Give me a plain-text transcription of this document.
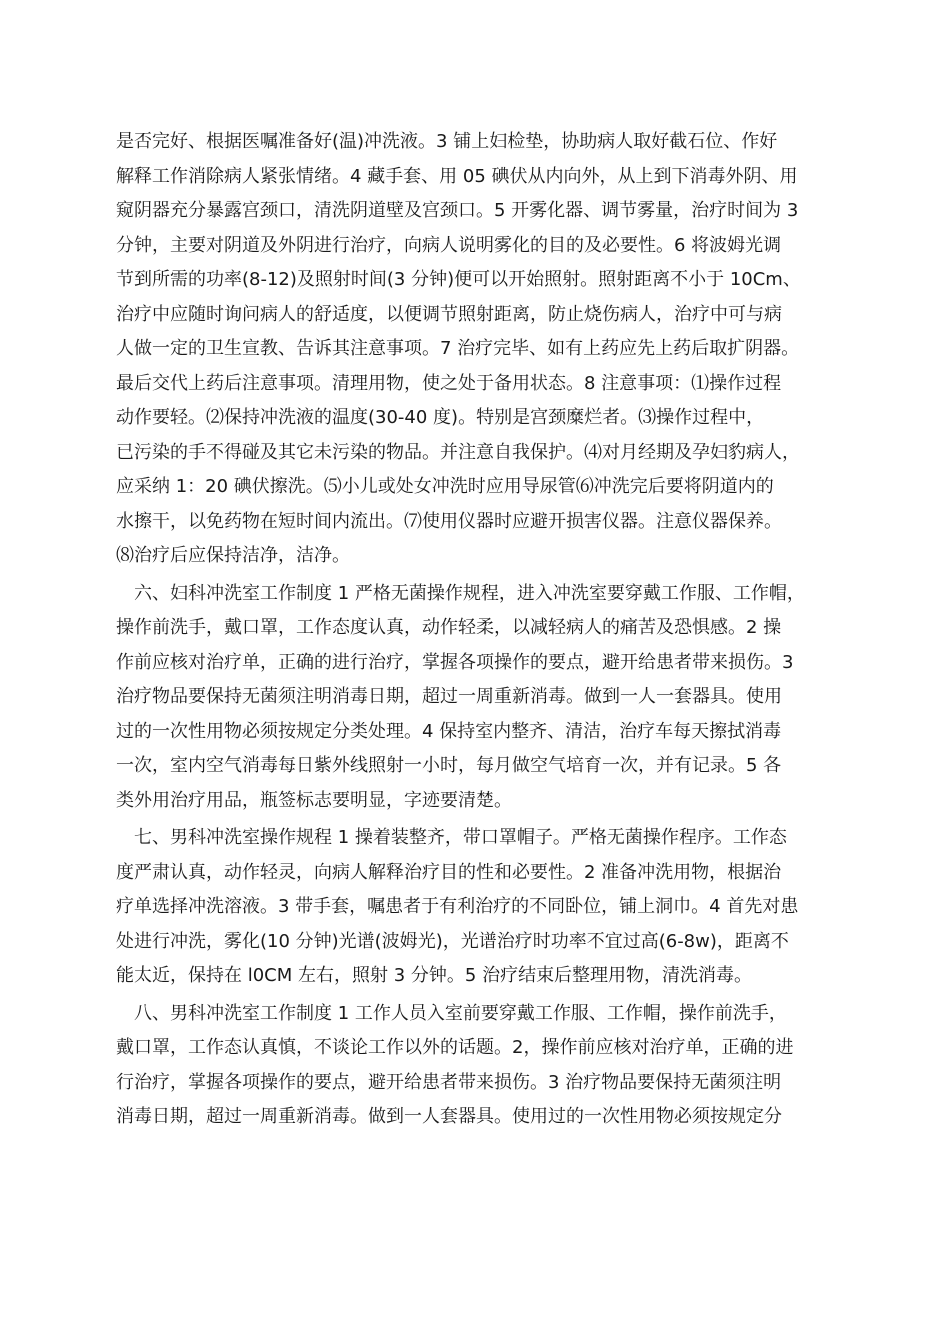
是否完好、根据医嘱准备好(温)冲洗液。3 铺上妇检垫，协助病人取好截石位、作好
解释工作消除病人紧张情绪。4 藏手套、用 05 碘伏从内向外，从上到下消毒外阴、用
窥阴器充分暴露宫颈口，清洗阴道壁及宫颈口。5 开雾化器、调节雾量，治疗时间为 3
分钟，主要对阴道及外阴进行治疗，向病人说明雾化的目的及必要性。6 将波姆光调
节到所需的功率(8-12)及照射时间(3 分钟)便可以开始照射。照射距离不小于 10Cm、
治疗中应随时询问病人的舒适度，以便调节照射距离，防止烧伤病人，治疗中可与病
人做一定的卫生宣教、告诉其注意事项。7 治疗完毕、如有上药应先上药后取扩阴器。
最后交代上药后注意事项。清理用物，使之处于备用状态。8 注意事项：⑴操作过程
动作要轻。⑵保持冲洗液的温度(30-40 度)。特别是宫颈糜烂者。⑶操作过程中，
已污染的手不得碰及其它未污染的物品。并注意自我保护。⑷对月经期及孕妇豹病人，
应采纳 1：20 碘伏擦洗。⑸小儿或处女冲洗时应用导尿管⑹冲洗完后要将阴道内的
水擦干，以免药物在短时间内流出。⑺使用仪器时应避开损害仪器。注意仪器保养。
⑻治疗后应保持洁净，洁净。
　六、妇科冲洗室工作制度 1 严格无菌操作规程，进入冲洗室要穿戴工作服、工作帽，
操作前洗手，戴口罩，工作态度认真，动作轻柔，以减轻病人的痛苦及恐惧感。2 操
作前应核对治疗单，正确的进行治疗，掌握各项操作的要点，避开给患者带来损伤。3
治疗物品要保持无菌须注明消毒日期，超过一周重新消毒。做到一人一套器具。使用
过的一次性用物必须按规定分类处理。4 保持室内整齐、清洁，治疗车每天擦拭消毒
一次，室内空气消毒每日紫外线照射一小时，每月做空气培育一次，并有记录。5 各
类外用治疗用品，瓶签标志要明显，字迹要清楚。
　七、男科冲洗室操作规程 1 操着装整齐，带口罩帽子。严格无菌操作程序。工作态
度严肃认真，动作轻灵，向病人解释治疗目的性和必要性。2 准备冲洗用物，根据治
疗单选择冲洗溶液。3 带手套，嘱患者于有利治疗的不同卧位，铺上洞巾。4 首先对患
处进行冲洗，雾化(10 分钟)光谱(波姆光)，光谱治疗时功率不宜过高(6-8w)，距离不
能太近，保持在 l0CM 左右，照射 3 分钟。5 治疗结束后整理用物，清洗消毒。
　八、男科冲洗室工作制度 1 工作人员入室前要穿戴工作服、工作帽，操作前洗手，
戴口罩，工作态认真慎，不谈论工作以外的话题。2，操作前应核对治疗单，正确的进
行治疗，掌握各项操作的要点，避开给患者带来损伤。3 治疗物品要保持无菌须注明
消毒日期，超过一周重新消毒。做到一人套器具。使用过的一次性用物必须按规定分
